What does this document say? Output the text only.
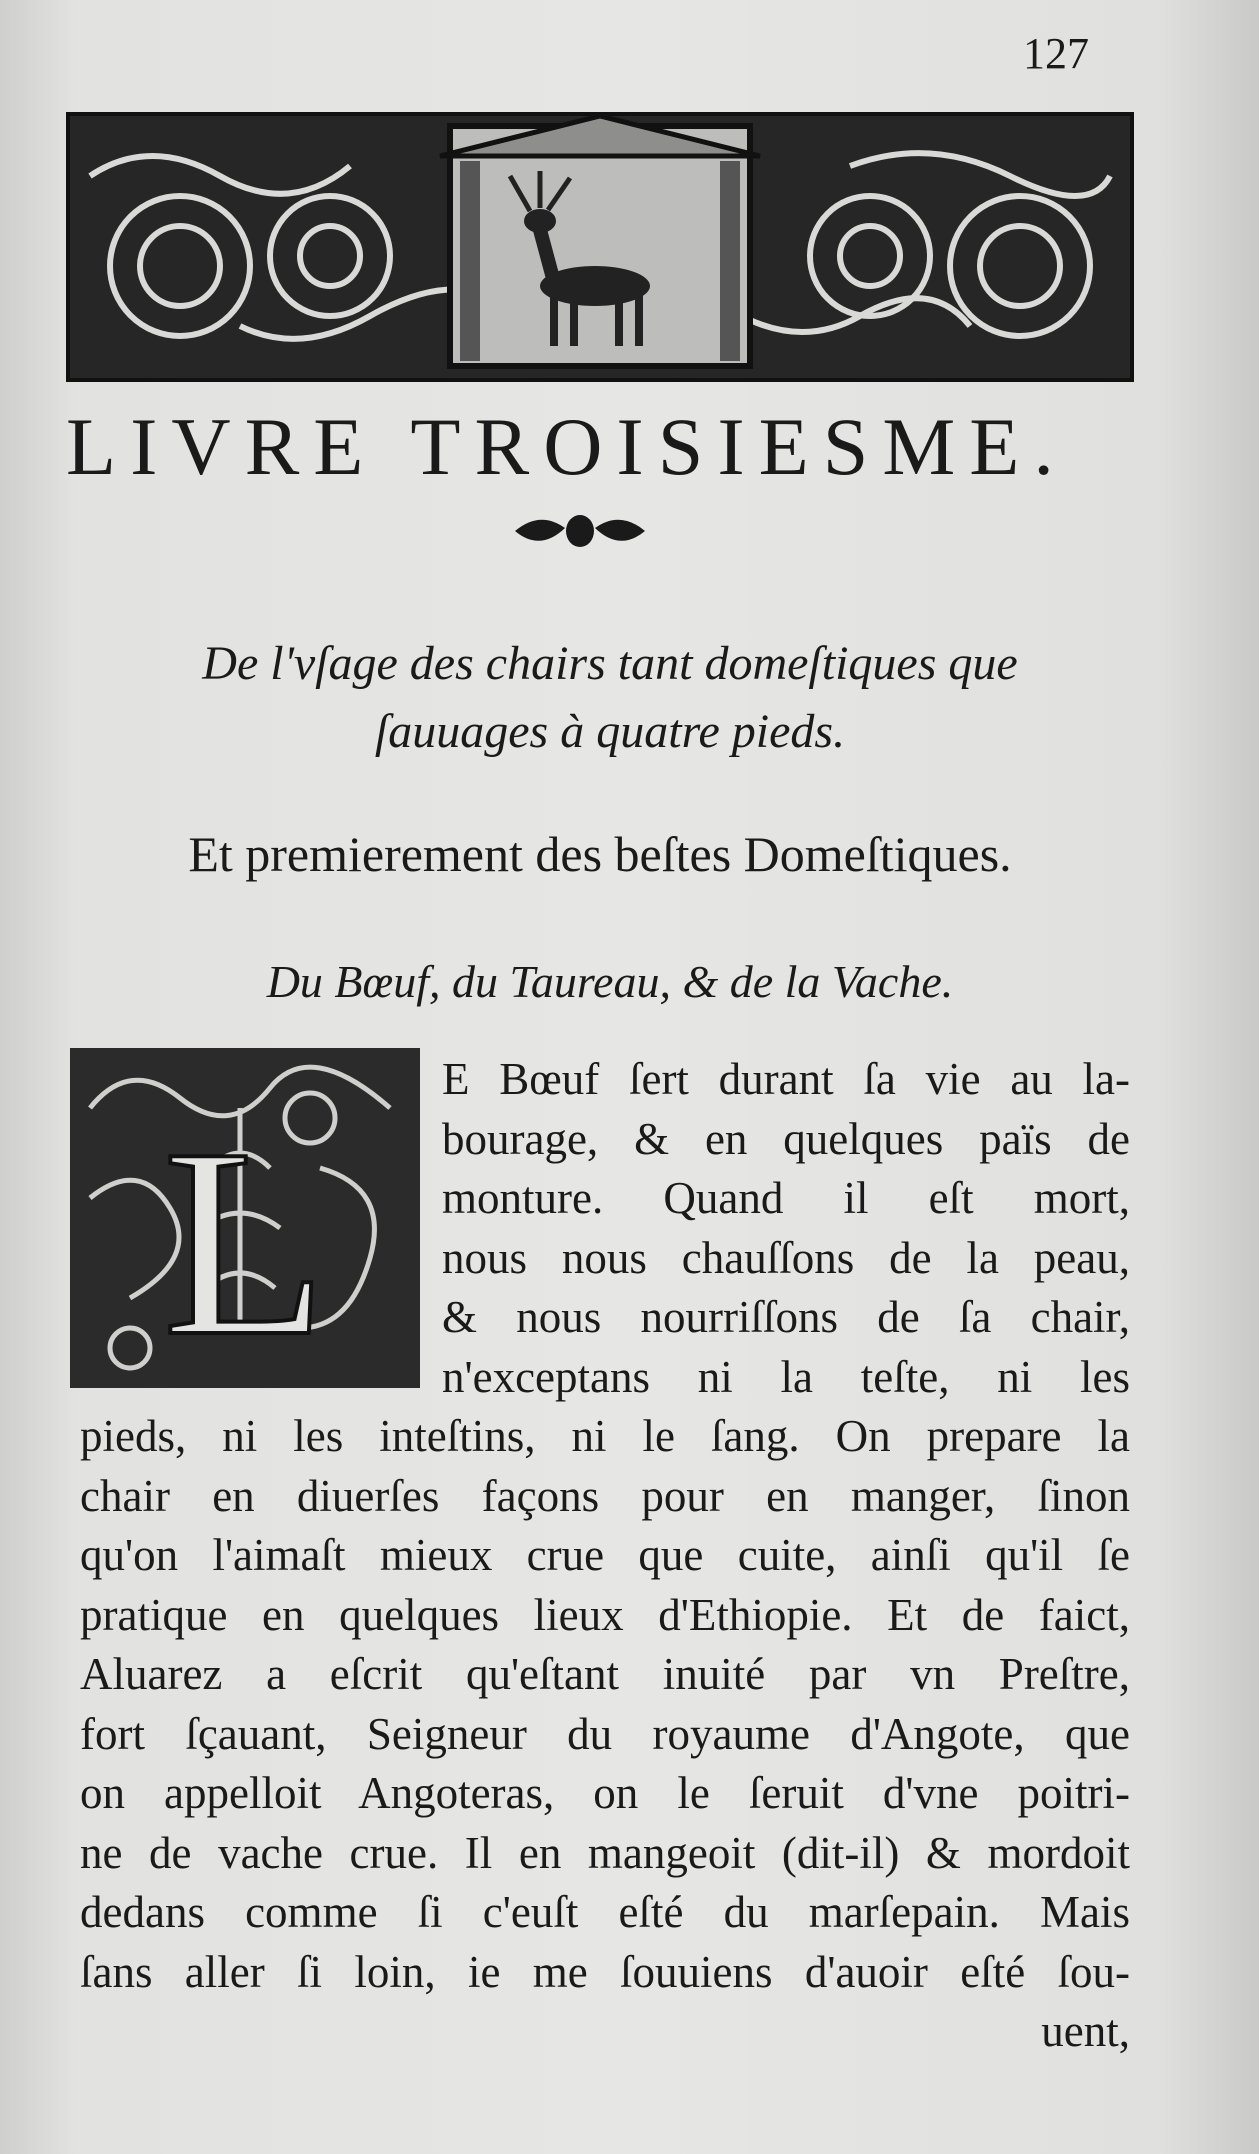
127
LIVRE TROISIESME.
De l'vſage des chairs tant domeſtiques que
ſauuages à quatre pieds.
Et premierement des beſtes Domeſtiques.
Du Bœuf, du Taureau, & de la Vache.
L
E Bœuf ſert durant ſa vie au la-
bourage, & en quelques païs de
monture. Quand il eſt mort,
nous nous chauſſons de la peau,
& nous nourriſſons de ſa chair,
n'exceptans ni la teſte, ni les
pieds, ni les inteſtins, ni le ſang. On prepare la
chair en diuerſes façons pour en manger, ſinon
qu'on l'aimaſt mieux crue que cuite, ainſi qu'il ſe
pratique en quelques lieux d'Ethiopie. Et de faict,
Aluarez a eſcrit qu'eſtant inuité par vn Preſtre,
fort ſçauant, Seigneur du royaume d'Angote, que
on appelloit Angoteras, on le ſeruit d'vne poitri-
ne de vache crue. Il en mangeoit (dit-il) & mordoit
dedans comme ſi c'euſt eſté du marſepain. Mais
ſans aller ſi loin, ie me ſouuiens d'auoir eſté ſou-
uent,
